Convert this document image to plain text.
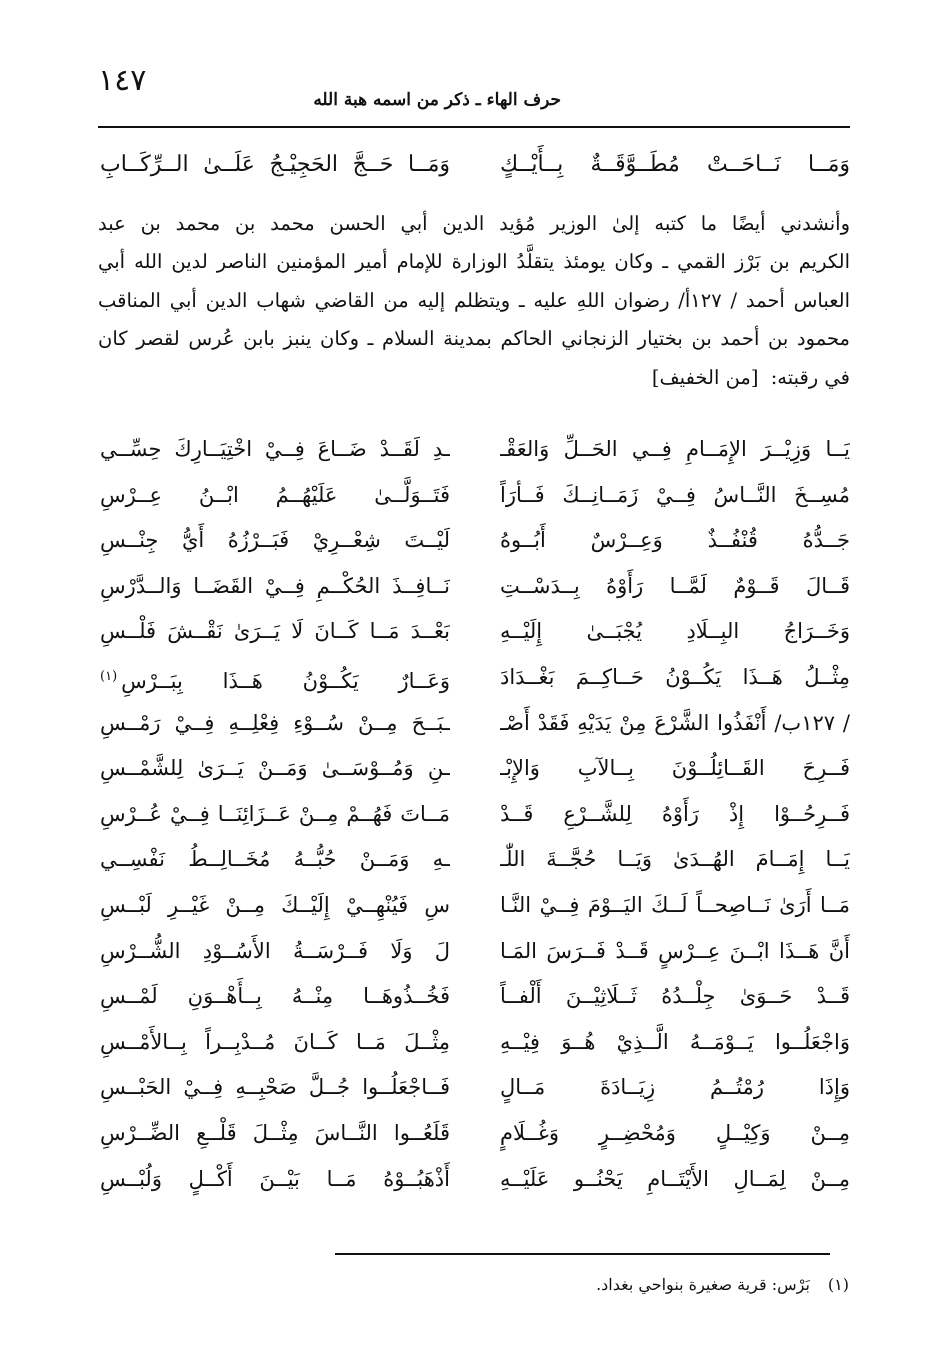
١٤٧
حرف الهاء ـ ذكر من اسمه هبة الله
وَمَــا نَــاحَــتْ مُطَــوَّقَــةٌ بِــأَيْــكٍ
وَمَــا حَــجَّ الحَجِيْـجُ عَلَــىٰ الــرِّكَــابِ
وأنشدني أيضًا ما كتبه إلىٰ الوزير مُؤيد الدين أبي الحسن محمد بن محمد بن عبد
الكريم بن بَرْز القمي ـ وكان يومئذ يتقلَّدُ الوزارة للإمام أمير المؤمنين الناصر لدين الله أبي
العباس أحمد / ١٢٧أ/ رضوان اللهِ عليه ـ ويتظلم إليه من القاضي شهاب الدين أبي المناقب
محمود بن أحمد بن بختيار الزنجاني الحاكم بمدينة السلام ـ وكان ينبز بابن عُرس لقصر كان
في رقبته: [من الخفيف]
يَــا وَزِيْــرَ الإِمَــامِ فِــي الحَــلِّ وَالعَقْـ
ـدِ لَقَــدْ ضَــاعَ فِــيْ اخْتِيَــارِكَ حِسِّــي
مُسِــخَ النَّــاسُ فِــيْ زَمَــانِــكَ فَــأرَاً
فَتَــوَلَّــىٰ عَلَيْهُــمُ ابْــنُ عِــرْسِ
جَــدُّهُ قُنْفُــذٌ وَعِــرْسٌ أَبُــوهُ
لَيْــتَ شِعْــرِيْ فَبَــرْزُهُ أَيُّ جِنْــسِ
قَــالَ قَــوْمٌ لَمَّــا رَأَوْهُ بِــدَسْــتِ
نَــافِــذَ الحُكْــمِ فِــيْ القَضَــا وَالــدَّرْسِ
وَخَــرَاجُ البِــلَادِ يُجْبَــىٰ إِلَيْــهِ
بَعْــدَ مَــا كَــانَ لَا يَــرَىٰ نَقْــشَ فَلْــسِ
مِثْــلُ هَــذَا يَكُــوْنُ حَــاكِــمَ بَغْــدَادَ
وَعَــارٌ يَكُــوْنُ هَــذَا بِبَــرْسِ$^{(١)}$
/ ١٢٧ب/ أَنْفَذُوا الشَّرْعَ مِنْ يَدَيْهِ فَقَدْ أَصْـ
ـبَــحَ مِــنْ سُــوْءِ فِعْلِــهِ فِــيْ رَمْــسِ
فَــرِحَ القَــائِلُــوْنَ بِــالآبِ وَالإِبْـ
ـنِ وَمُــوْسَــىٰ وَمَــنْ يَــرَىٰ لِلشَّمْــسِ
فَــرِحُــوْا إِذْ رَأَوْهُ لِلشَّــرْعِ قَــدْ
مَــاتَ فَهُــمْ مِــنْ عَــزَائِنَــا فِــيْ عُــرْسِ
يَــا إِمَــامَ الهُــدَىٰ وَيَــا حُجَّــةَ اللّٰـ
ـهِ وَمَــنْ حُبُّــهُ مُخَــالِــطُ نَفْسِــي
مَــا أَرَىٰ نَــاصِحــاً لَــكَ اليَــوْمَ فِــيْ النَّـا
سِ فَيُنْهِــيْ إِلَيْــكَ مِــنْ غَيْــرِ لَبْــسِ
أَنَّ هَــذَا ابْــنَ عِــرْسٍ قَــدْ فَــرَسَ المَـا
لَ وَلَا فَــرْسَــةُ الأَسُــوْدِ الشُّــرْسِ
قَــدْ حَــوَىٰ جِلْــدُهُ ثَــلَاثِيْــنَ أَلْفــاً
فَخُــذُوهَــا مِنْــهُ بِــأَهْــوَنِ لَمْــسِ
وَاجْعَلُــوا يَــوْمَــهُ الَّــذِيْ هُــوَ فِيْــهِ
مِثْــلَ مَــا كَــانَ مُــدْبِــراً بِــالأَمْــسِ
وَإِذَا رُمْتُــمُ زِيَــادَةَ مَــالٍ
فَــاجْعَلُــوا جُــلَّ صَحْبِــهِ فِــيْ الحَبْــسِ
مِــنْ وَكِيْــلٍ وَمُحْضِــرٍ وَغُــلَامٍ
قَلَعُــوا النَّــاسَ مِثْــلَ قَلْــعِ الضِّــرْسِ
مِــنْ لِمَــالِ الأَيْتَــامِ يَحْنُــو عَلَيْــهِ
أَذْهَبُــوْهُ مَــا بَيْــنَ أَكْــلٍ وَلُبْــسِ
(١)بَرْس: قرية صغيرة بنواحي بغداد.
